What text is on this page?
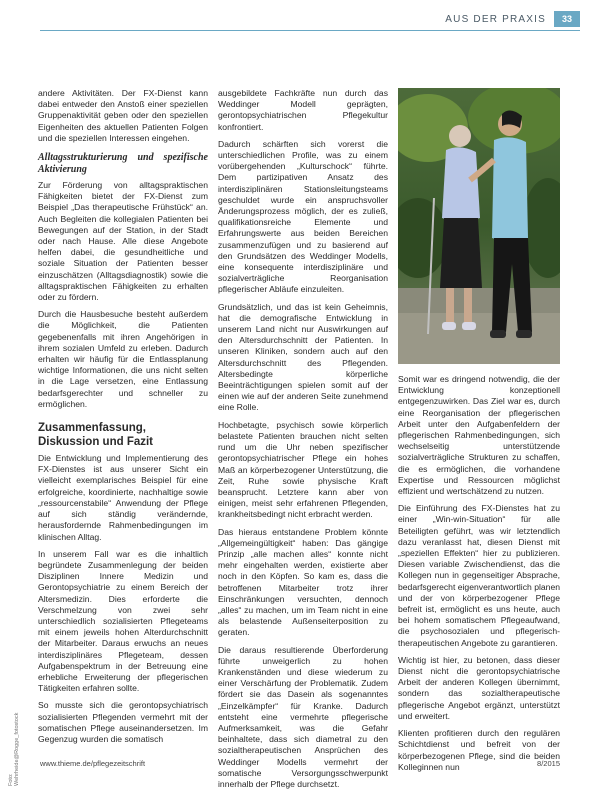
AUS DER PRAXIS	33

andere Aktivitäten. Der FX-Dienst kann dabei entweder den Anstoß einer speziellen Gruppenaktivität geben oder den speziellen Eigenheiten des aktuellen Patienten Folgen und die speziellen Interessen eingehen.

Alltagsstrukturierung und spezifische Aktivierung

Zur Förderung von alltagspraktischen Fähigkeiten bietet der FX-Dienst zum Beispiel „Das therapeutische Frühstück“ an. Auch Begleiten die kollegialen Patienten bei Bewegungen auf der Station, in der Stadt oder nach Hause. Alle diese Angebote helfen dabei, die gesundheitliche und soziale Situation der Patienten besser einzuschätzen (Alltagsdiagnostik) sowie die alltagspraktischen Fähigkeiten zu erhalten oder zu fördern.

Durch die Hausbesuche besteht außerdem die Möglichkeit, die Patienten gegebenenfalls mit ihren Angehörigen in ihrem sozialen Umfeld zu erleben. Dadurch erhalten wir häufig für die Entlassplanung wichtige Informationen, die uns nicht selten in die Lage versetzen, eine Entlassung bedarfsgerechter und schneller zu ermöglichen.

Zusammenfassung, Diskussion und Fazit

Die Entwicklung und Implementierung des FX-Dienstes ist aus unserer Sicht ein vielleicht exemplarisches Beispiel für eine erfolgreiche, koordinierte, nachhaltige sowie „ressourcenstabile“ Anwendung der Pflege auf sich ständig verändernde, herausfordernde Rahmenbedingungen im klinischen Alltag.

In unserem Fall war es die inhaltlich begründete Zusammenlegung der beiden Disziplinen Innere Medizin und Gerontopsychiatrie zu einem Bereich der Altersmedizin. Dies erforderte die Verschmelzung von zwei sehr unterschiedlich sozialisierten Pflegeteams mit einem jeweils hohen Alterdurchschnitt der Mitarbeiter. Daraus erwuchs an neues interdisziplinäres Pflegeteam, dessen Aufgabenspektrum in der Betreuung eine erhebliche Erweiterung der pflegerischen Tätigkeiten erfahren sollte.

So musste sich die gerontopsychiatrisch sozialisierten Pflegenden vermehrt mit der somatischen Pflege auseinandersetzen. Im Gegenzug wurden die somatisch

ausgebildete Fachkräfte nun durch das Weddinger Modell geprägten, gerontopsychiatrischen Pflegekultur konfrontiert.

Dadurch schärften sich vorerst die unterschiedlichen Profile, was zu einem vorübergehenden „Kulturschock“ führte. Dem partizipativen Ansatz des interdisziplinären Stationsleitungsteams geschuldet wurde ein anspruchsvoller Änderungsprozess möglich, der es zuließ, qualifikationsreiche Elemente und Erfahrungswerte aus beiden Bereichen zusammenzufügen und zu basierend auf den Grundsätzen des Weddinger Modells, eine konsequente interdisziplinäre und sozialverträgliche Reorganisation pflegerischer Abläufe einzuleiten.

Grundsätzlich, und das ist kein Geheimnis, hat die demografische Entwicklung in unserem Land nicht nur Auswirkungen auf den Altersdurchschnitt der Patienten. In unseren Kliniken, sondern auch auf den Altersdurchschnitt des Pflegenden. Altersbedingte körperliche Beeinträchtigungen spielen somit auf der einen wie auf der anderen Seite zunehmend eine Rolle.

Hochbetagte, psychisch sowie körperlich belastete Patienten brauchen nicht selten rund um die Uhr neben spezifischer gerontopsychiatrischer Pflege ein hohes Maß an körperbezogener Unterstützung, die Zeit, Ruhe sowie physische Kraft beansprucht. Letztere kann aber von einigen, meist sehr erfahrenen Pflegenden, krankheitsbedingt nicht erbracht werden.

Das hieraus entstandene Problem könnte „Allgemeingültigkeit“ haben: Das gängige Prinzip „alle machen alles“ konnte nicht mehr eingehalten werden, existierte aber noch in den Köpfen. So kam es, dass die betroffenen Mitarbeiter trotz ihrer Einschränkungen versuchten, dennoch „alles“ zu machen, um im Team nicht in eine als belastende Außenseiterposition zu geraten.

Die daraus resultierende Überforderung führte unweigerlich zu hohen Krankenständen und diese wiederum zu einer Verschärfung der Problematik. Zudem fördert sie das Dasein als sogenanntes „Einzelkämpfer“ für Kranke. Dadurch entsteht eine vermehrte pflegerische Aufmerksamkeit, was die Gefahr beinhaltete, dass sich diametral zu den sozialtherapeutischen Ansprüchen des Weddinger Modells vermehrt der somatische Versorgungsschwerpunkt innerhalb der Pflege durchsetzt.

Somit war es dringend notwendig, die der Entwicklung konzeptionell entgegenzuwirken. Das Ziel war es, durch eine Reorganisation der pflegerischen Arbeit unter den Aufgabenfeldern der pflegerischen Rahmenbedingungen, sich wechselseitig unterstützende sozialverträgliche Strukturen zu schaffen, die es ermöglichen, die vorhandene Expertise und Ressourcen möglichst effizient und wertschätzend zu nutzen.

Die Einführung des FX-Dienstes hat zu einer „Win-win-Situation“ für alle Beteiligten geführt, was wir letztendlich dazu veranlasst hat, diesen Dienst mit „speziellen Effekten“ hier zu publizieren. Diesen variable Zwischendienst, das die Kollegen nun in gegenseitiger Absprache, bedarfsgerecht eigenverantwortlich planen und der von körperbezogener Pflege befreit ist, ermöglicht es uns heute, auch bei hohem somatischem Pflegeaufwand, die psychosozialen und pflegerisch-therapeutischen Angebote zu garantieren.

Wichtig ist hier, zu betonen, dass dieser Dienst nicht die gerontopsychiatrische Arbeit der anderen Kollegen übernimmt, sondern das sozialtherapeutische pflegerische Angebot ergänzt, unterstützt und erweitert.

Klienten profitieren durch den regulären Schichtdienst und befreit von der körperbezogenen Pflege, sind die beiden Kolleginnen nun

Foto: Wehrheide@Rogge_fotostock	www.thieme.de/pflegezeitschrift	8/2015
